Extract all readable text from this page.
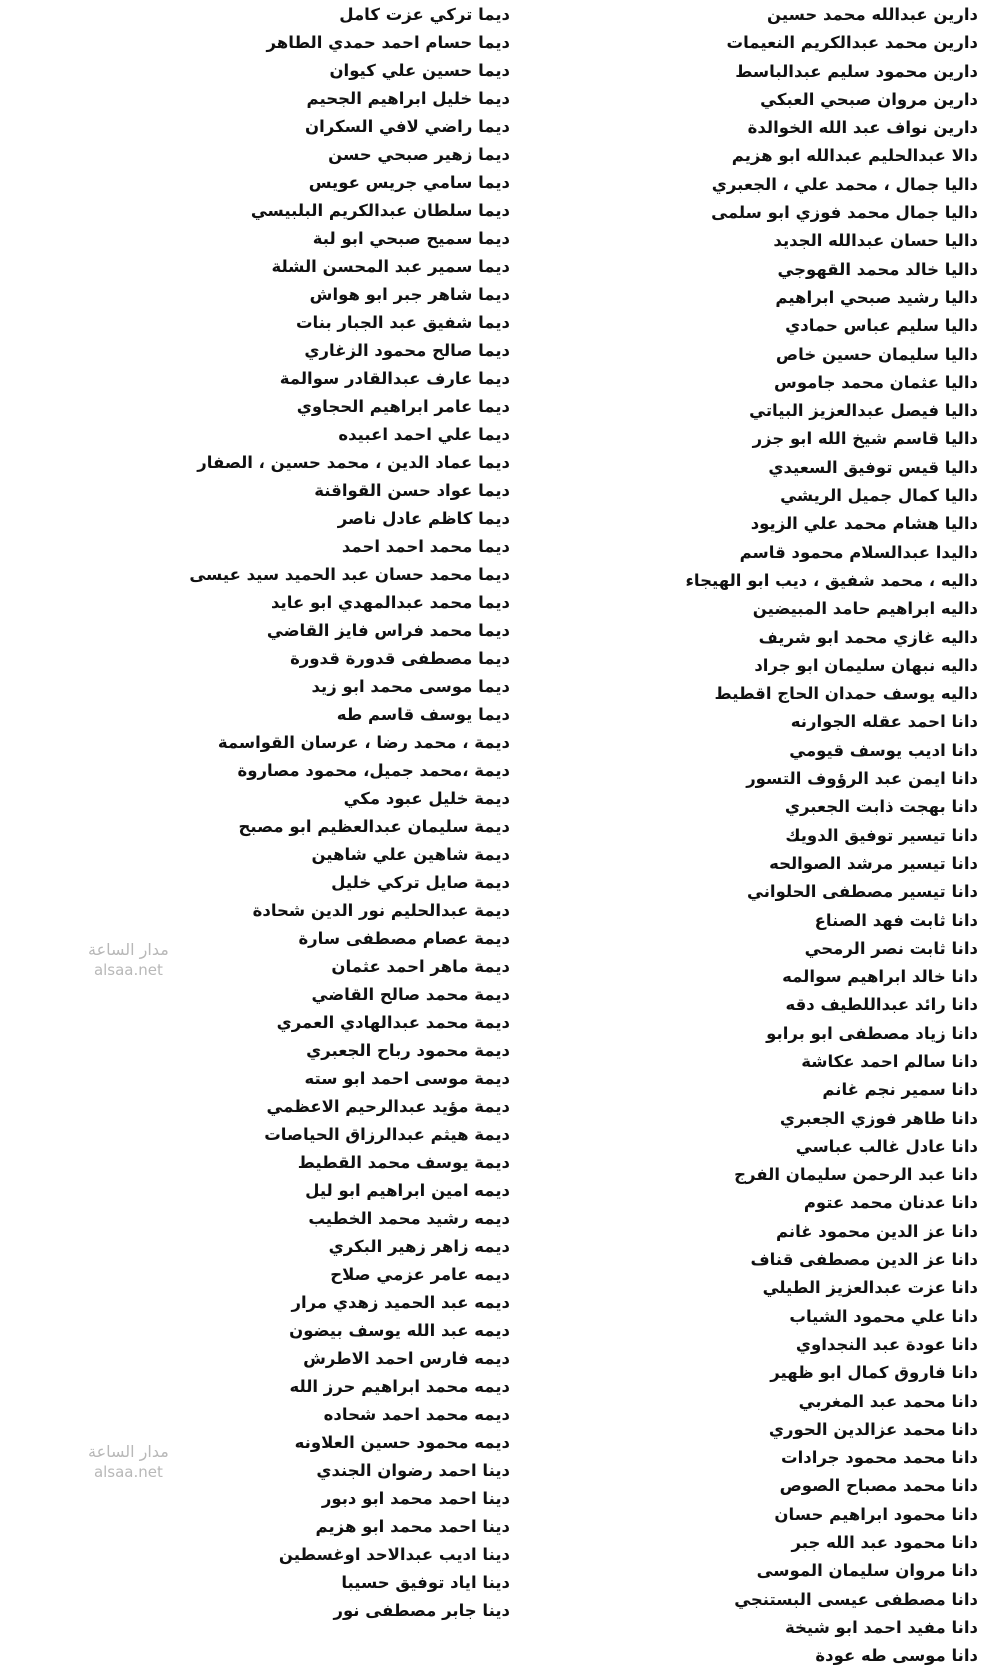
دارين عبدالله محمد حسين
دارين محمد عبدالكريم النعيمات
دارين محمود سليم عبدالباسط
دارين مروان صبحي العبكي
دارين نواف عبد الله الخوالدة
دالا عبدالحليم عبدالله ابو هزيم
داليا جمال ، محمد علي ، الجعبري
داليا جمال محمد فوزي ابو سلمى
داليا حسان عبدالله الجديد
داليا خالد محمد القهوجي
داليا رشيد صبحي ابراهيم
داليا سليم عباس حمادي
داليا سليمان حسين خاص
داليا عثمان محمد جاموس
داليا فيصل عبدالعزيز البياتي
داليا قاسم شيخ الله ابو جزر
داليا قيس توفيق السعيدي
داليا كمال جميل الريشي
داليا هشام محمد علي الزيود
داليدا عبدالسلام محمود قاسم
داليه ، محمد شفيق ، ديب ابو الهيجاء
داليه ابراهيم حامد المبيضين
داليه غازي محمد ابو شريف
داليه نبهان سليمان ابو جراد
داليه يوسف حمدان الحاج اقطيط
دانا احمد عقله الجوارنه
دانا اديب يوسف قيومي
دانا ايمن عبد الرؤوف التسور
دانا بهجت ذابت الجعبري
دانا تيسير توفيق الدويك
دانا تيسير مرشد الصوالحه
دانا تيسير مصطفى الحلواني
دانا ثابت فهد الصناع
دانا ثابت نصر الرمحي
دانا خالد ابراهيم سوالمه
دانا رائد عبداللطيف دقه
دانا زياد مصطفى ابو برابو
دانا سالم احمد عكاشة
دانا سمير نجم غانم
دانا طاهر فوزي الجعبري
دانا عادل غالب عباسي
دانا عبد الرحمن سليمان الفرج
دانا عدنان محمد عتوم
دانا عز الدين محمود غانم
دانا عز الدين مصطفى قناف
دانا عزت عبدالعزيز الطيلي
دانا علي محمود الشياب
دانا عودة عبد النجداوي
دانا فاروق كمال ابو ظهير
دانا محمد عبد المغربي
دانا محمد عزالدين الحوري
دانا محمد محمود جرادات
دانا محمد مصباح الصوص
دانا محمود ابراهيم حسان
دانا محمود عبد الله جبر
دانا مروان سليمان الموسى
دانا مصطفى عيسى البستنجي
دانا مفيد احمد ابو شيخة
دانا موسى طه عودة
ديما تركي عزت كامل
ديما حسام احمد حمدي الطاهر
ديما حسين علي كيوان
ديما خليل ابراهيم الجحيم
ديما راضي لافي السكران
ديما زهير صبحي حسن
ديما سامي جريس عويس
ديما سلطان عبدالكريم البلبيسي
ديما سميح صبحي ابو لبة
ديما سمير عبد المحسن الشلة
ديما شاهر جبر ابو هواش
ديما شفيق عبد الجبار بنات
ديما صالح محمود الزغاري
ديما عارف عبدالقادر سوالمة
ديما عامر ابراهيم الحجاوي
ديما علي احمد اعبيده
ديما عماد الدين ، محمد حسين ، الصفار
ديما عواد حسن القواقنة
ديما كاظم عادل ناصر
ديما محمد احمد احمد
ديما محمد حسان عبد الحميد سيد عيسى
ديما محمد عبدالمهدي ابو عايد
ديما محمد فراس فايز القاضي
ديما مصطفى قدورة قدورة
ديما موسى محمد ابو زيد
ديما يوسف قاسم طه
ديمة ، محمد رضا ، عرسان القواسمة
ديمة ،محمد جميل، محمود مصاروة
ديمة خليل عبود مكي
ديمة سليمان عبدالعظيم ابو مصبح
ديمة شاهين علي شاهين
ديمة صايل تركي خليل
ديمة عبدالحليم نور الدين شحادة
ديمة عصام مصطفى سارة
ديمة ماهر احمد عثمان
ديمة محمد صالح القاضي
ديمة محمد عبدالهادي العمري
ديمة محمود رباح الجعبري
ديمة موسى احمد ابو سته
ديمة مؤيد عبدالرحيم الاعظمي
ديمة هيثم عبدالرزاق الحياصات
ديمة يوسف محمد القطيط
ديمه امين ابراهيم ابو ليل
ديمه رشيد محمد الخطيب
ديمه زاهر زهير البكري
ديمه عامر عزمي صلاح
ديمه عبد الحميد زهدي مرار
ديمه عبد الله يوسف بيضون
ديمه فارس احمد الاطرش
ديمه محمد ابراهيم حرز الله
ديمه محمد احمد شحاده
ديمه محمود حسين العلاونه
دينا احمد رضوان الجندي
دينا احمد محمد ابو دبور
دينا احمد محمد ابو هزيم
دينا اديب عبدالاحد اوغسطين
دينا اياد توفيق حسيبا
دينا جابر مصطفى نور
مدار الساعة
alsaa.net
مدار الساعة
alsaa.net
